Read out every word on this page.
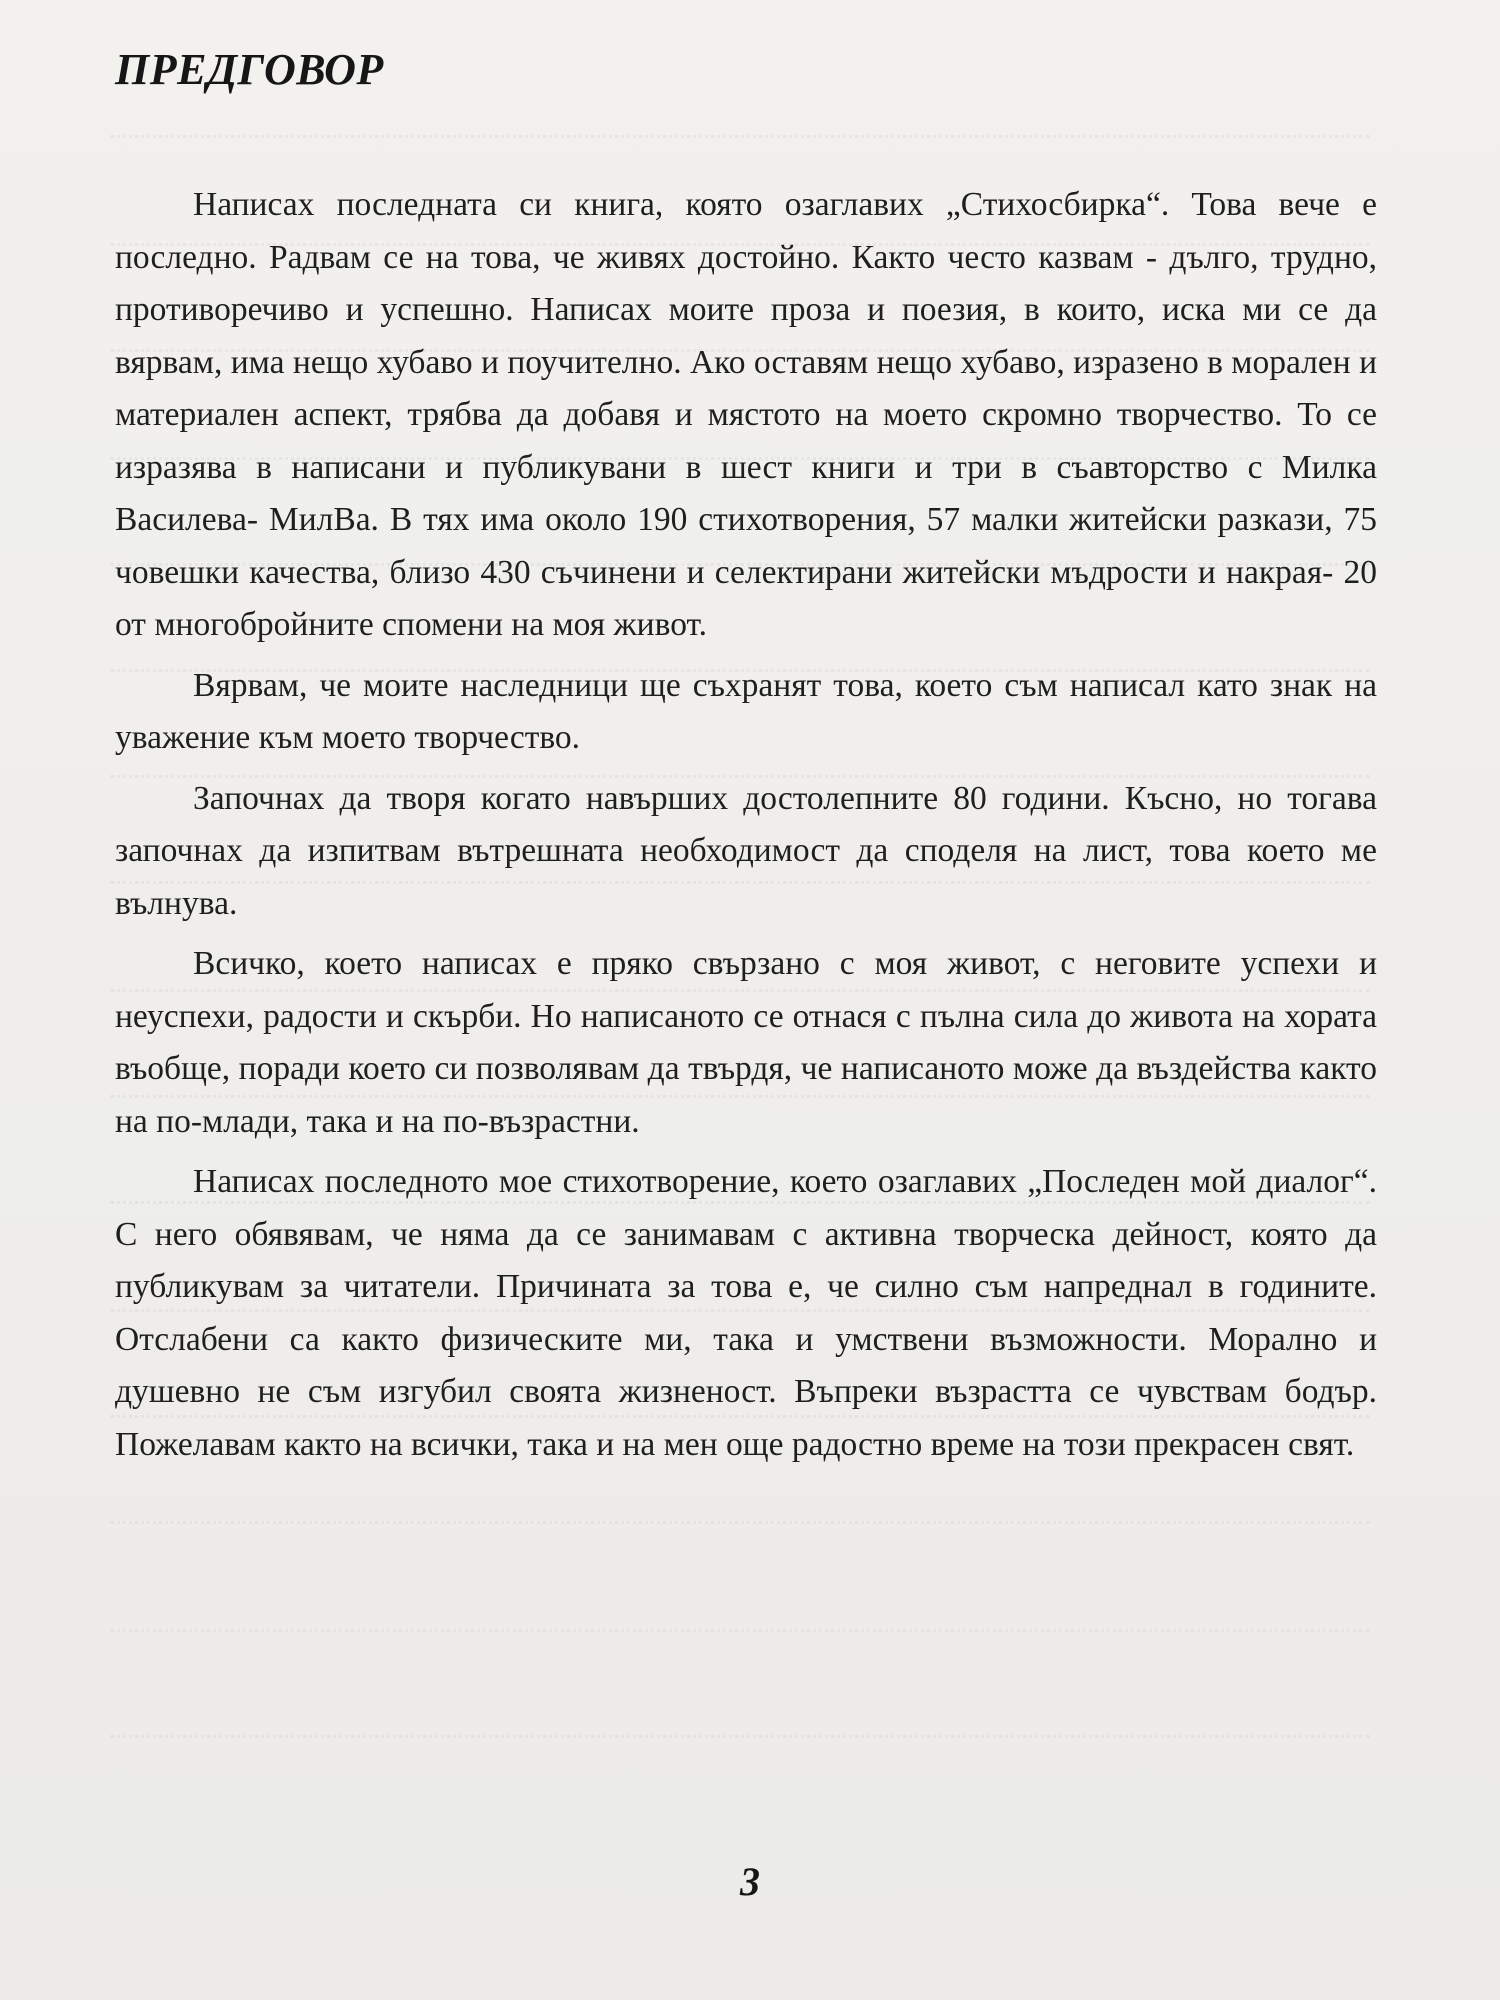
ПРЕДГОВОР

Написах последната си книга, която озаглавих „Стихосбирка“. Това вече е последно. Радвам се на това, че живях достойно. Както често казвам - дълго, трудно, противоречиво и успешно. Написах моите проза и поезия, в които, иска ми се да вярвам, има нещо хубаво и поучително. Ако оставям нещо хубаво, изразено в морален и материален аспект, трябва да добавя и мястото на моето скромно творчество. То се изразява в написани и публикувани в шест книги и три в съавторство с Милка Василева- МилВа. В тях има около 190 стихотворения, 57 малки житейски разкази, 75 човешки качества, близо 430 съчинени и селектирани житейски мъдрости и накрая- 20 от многобройните спомени на моя живот.

Вярвам, че моите наследници ще съхранят това, което съм написал като знак на уважение към моето творчество.

Започнах да творя когато навърших достолепните 80 години. Късно, но тогава започнах да изпитвам вътрешната необходимост да споделя на лист, това което ме вълнува.

Всичко, което написах е пряко свързано с моя живот, с неговите успехи и неуспехи, радости и скърби. Но написаното се отнася с пълна сила до живота на хората въобще, поради което си позволявам да твърдя, че написаното може да въздейства както на по-млади, така и на по-възрастни.

Написах последното мое стихотворение, което озаглавих „Последен мой диалог“. С него обявявам, че няма да се занимавам с активна творческа дейност, която да публикувам за читатели. Причината за това е, че силно съм напреднал в годините. Отслабени са както физическите ми, така и умствени възможности. Морално и душевно не съм изгубил своята жизненост. Въпреки възрастта се чувствам бодър. Пожелавам както на всички, така и на мен още радостно време на този прекрасен свят.

3
